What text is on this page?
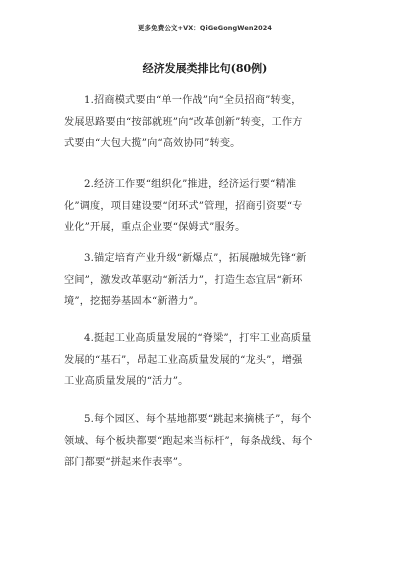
更多免费公文+VX：QiGeGongWen2024
经济发展类排比句(80例)
1.招商模式要由“单一作战”向“全员招商”转变，
发展思路要由“按部就班”向“改革创新”转变，工作方
式要由“大包大揽”向“高效协同”转变。
2.经济工作要“组织化”推进，经济运行要“精准
化”调度，项目建设要“闭环式”管理，招商引资要“专
业化”开展，重点企业要“保姆式”服务。
3.锚定培育产业升级“新爆点”，拓展融城先锋“新
空间”，激发改革驱动“新活力”，打造生态宜居“新环
境”，挖掘券基固本“新潜力”。
4.挺起工业高质量发展的“脊梁”，打牢工业高质量
发展的“基石”，昂起工业高质量发展的“龙头”，增强
工业高质量发展的“活力”。
5.每个园区、每个基地都要“跳起来摘桃子”，每个
领域、每个板块都要“跑起来当标杆”，每条战线、每个
部门都要“拼起来作表率”。
